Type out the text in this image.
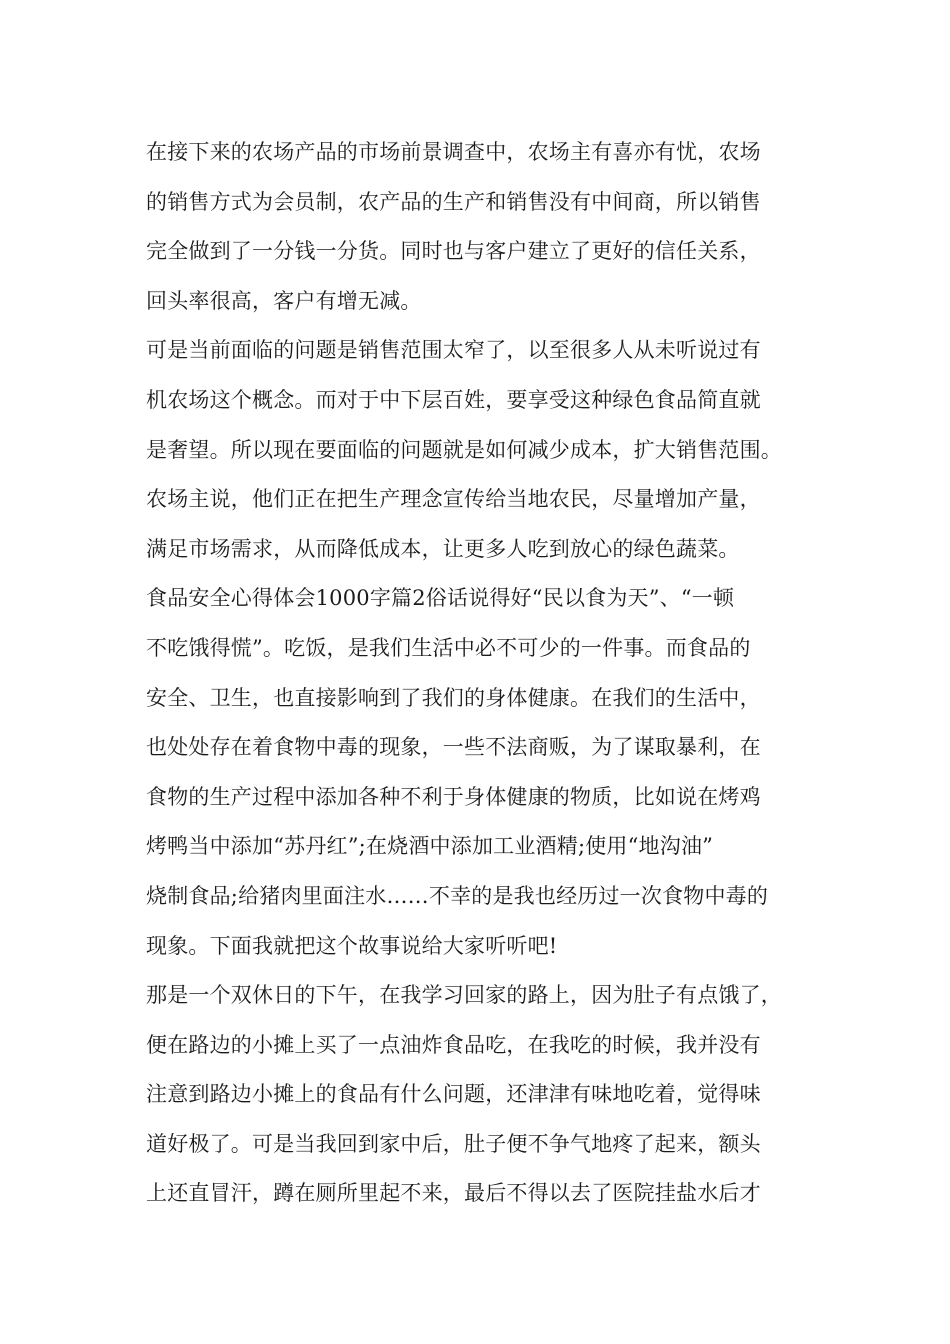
在接下来的农场产品的市场前景调查中，农场主有喜亦有忧，农场
的销售方式为会员制，农产品的生产和销售没有中间商，所以销售
完全做到了一分钱一分货。同时也与客户建立了更好的信任关系，
回头率很高，客户有增无减。
可是当前面临的问题是销售范围太窄了，以至很多人从未听说过有
机农场这个概念。而对于中下层百姓，要享受这种绿色食品简直就
是奢望。所以现在要面临的问题就是如何减少成本，扩大销售范围。
农场主说，他们正在把生产理念宣传给当地农民，尽量增加产量，
满足市场需求，从而降低成本，让更多人吃到放心的绿色蔬菜。
食品安全心得体会1000字篇2俗话说得好“民以食为天”、“一顿
不吃饿得慌”。吃饭，是我们生活中必不可少的一件事。而食品的
安全、卫生，也直接影响到了我们的身体健康。在我们的生活中，
也处处存在着食物中毒的现象，一些不法商贩，为了谋取暴利，在
食物的生产过程中添加各种不利于身体健康的物质，比如说在烤鸡
烤鸭当中添加“苏丹红”;在烧酒中添加工业酒精;使用“地沟油”
烧制食品;给猪肉里面注水……不幸的是我也经历过一次食物中毒的
现象。下面我就把这个故事说给大家听听吧!
那是一个双休日的下午，在我学习回家的路上，因为肚子有点饿了，
便在路边的小摊上买了一点油炸食品吃，在我吃的时候，我并没有
注意到路边小摊上的食品有什么问题，还津津有味地吃着，觉得味
道好极了。可是当我回到家中后，肚子便不争气地疼了起来，额头
上还直冒汗，蹲在厕所里起不来，最后不得以去了医院挂盐水后才
